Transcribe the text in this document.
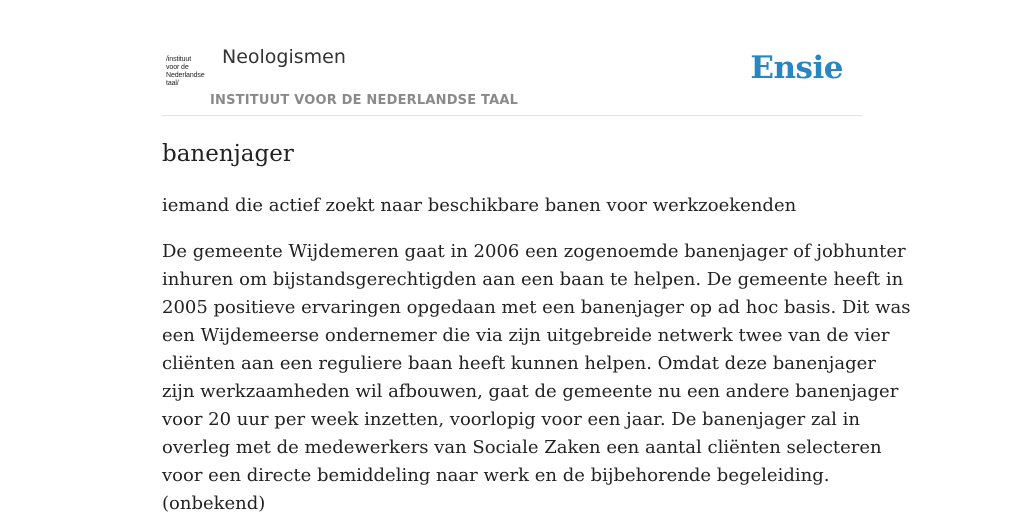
/instituut
voor de
Nederlandse
taal/
Neologismen
INSTITUUT VOOR DE NEDERLANDSE TAAL
Ensie
banenjager

iemand die actief zoekt naar beschikbare banen voor werkzoekenden

De gemeente Wijdemeren gaat in 2006 een zogenoemde banenjager of jobhunter
inhuren om bijstandsgerechtigden aan een baan te helpen. De gemeente heeft in
2005 positieve ervaringen opgedaan met een banenjager op ad hoc basis. Dit was
een Wijdemeerse ondernemer die via zijn uitgebreide netwerk twee van de vier
cliënten aan een reguliere baan heeft kunnen helpen. Omdat deze banenjager
zijn werkzaamheden wil afbouwen, gaat de gemeente nu een andere banenjager
voor 20 uur per week inzetten, voorlopig voor een jaar. De banenjager zal in
overleg met de medewerkers van Sociale Zaken een aantal cliënten selecteren
voor een directe bemiddeling naar werk en de bijbehorende begeleiding.
(onbekend)
